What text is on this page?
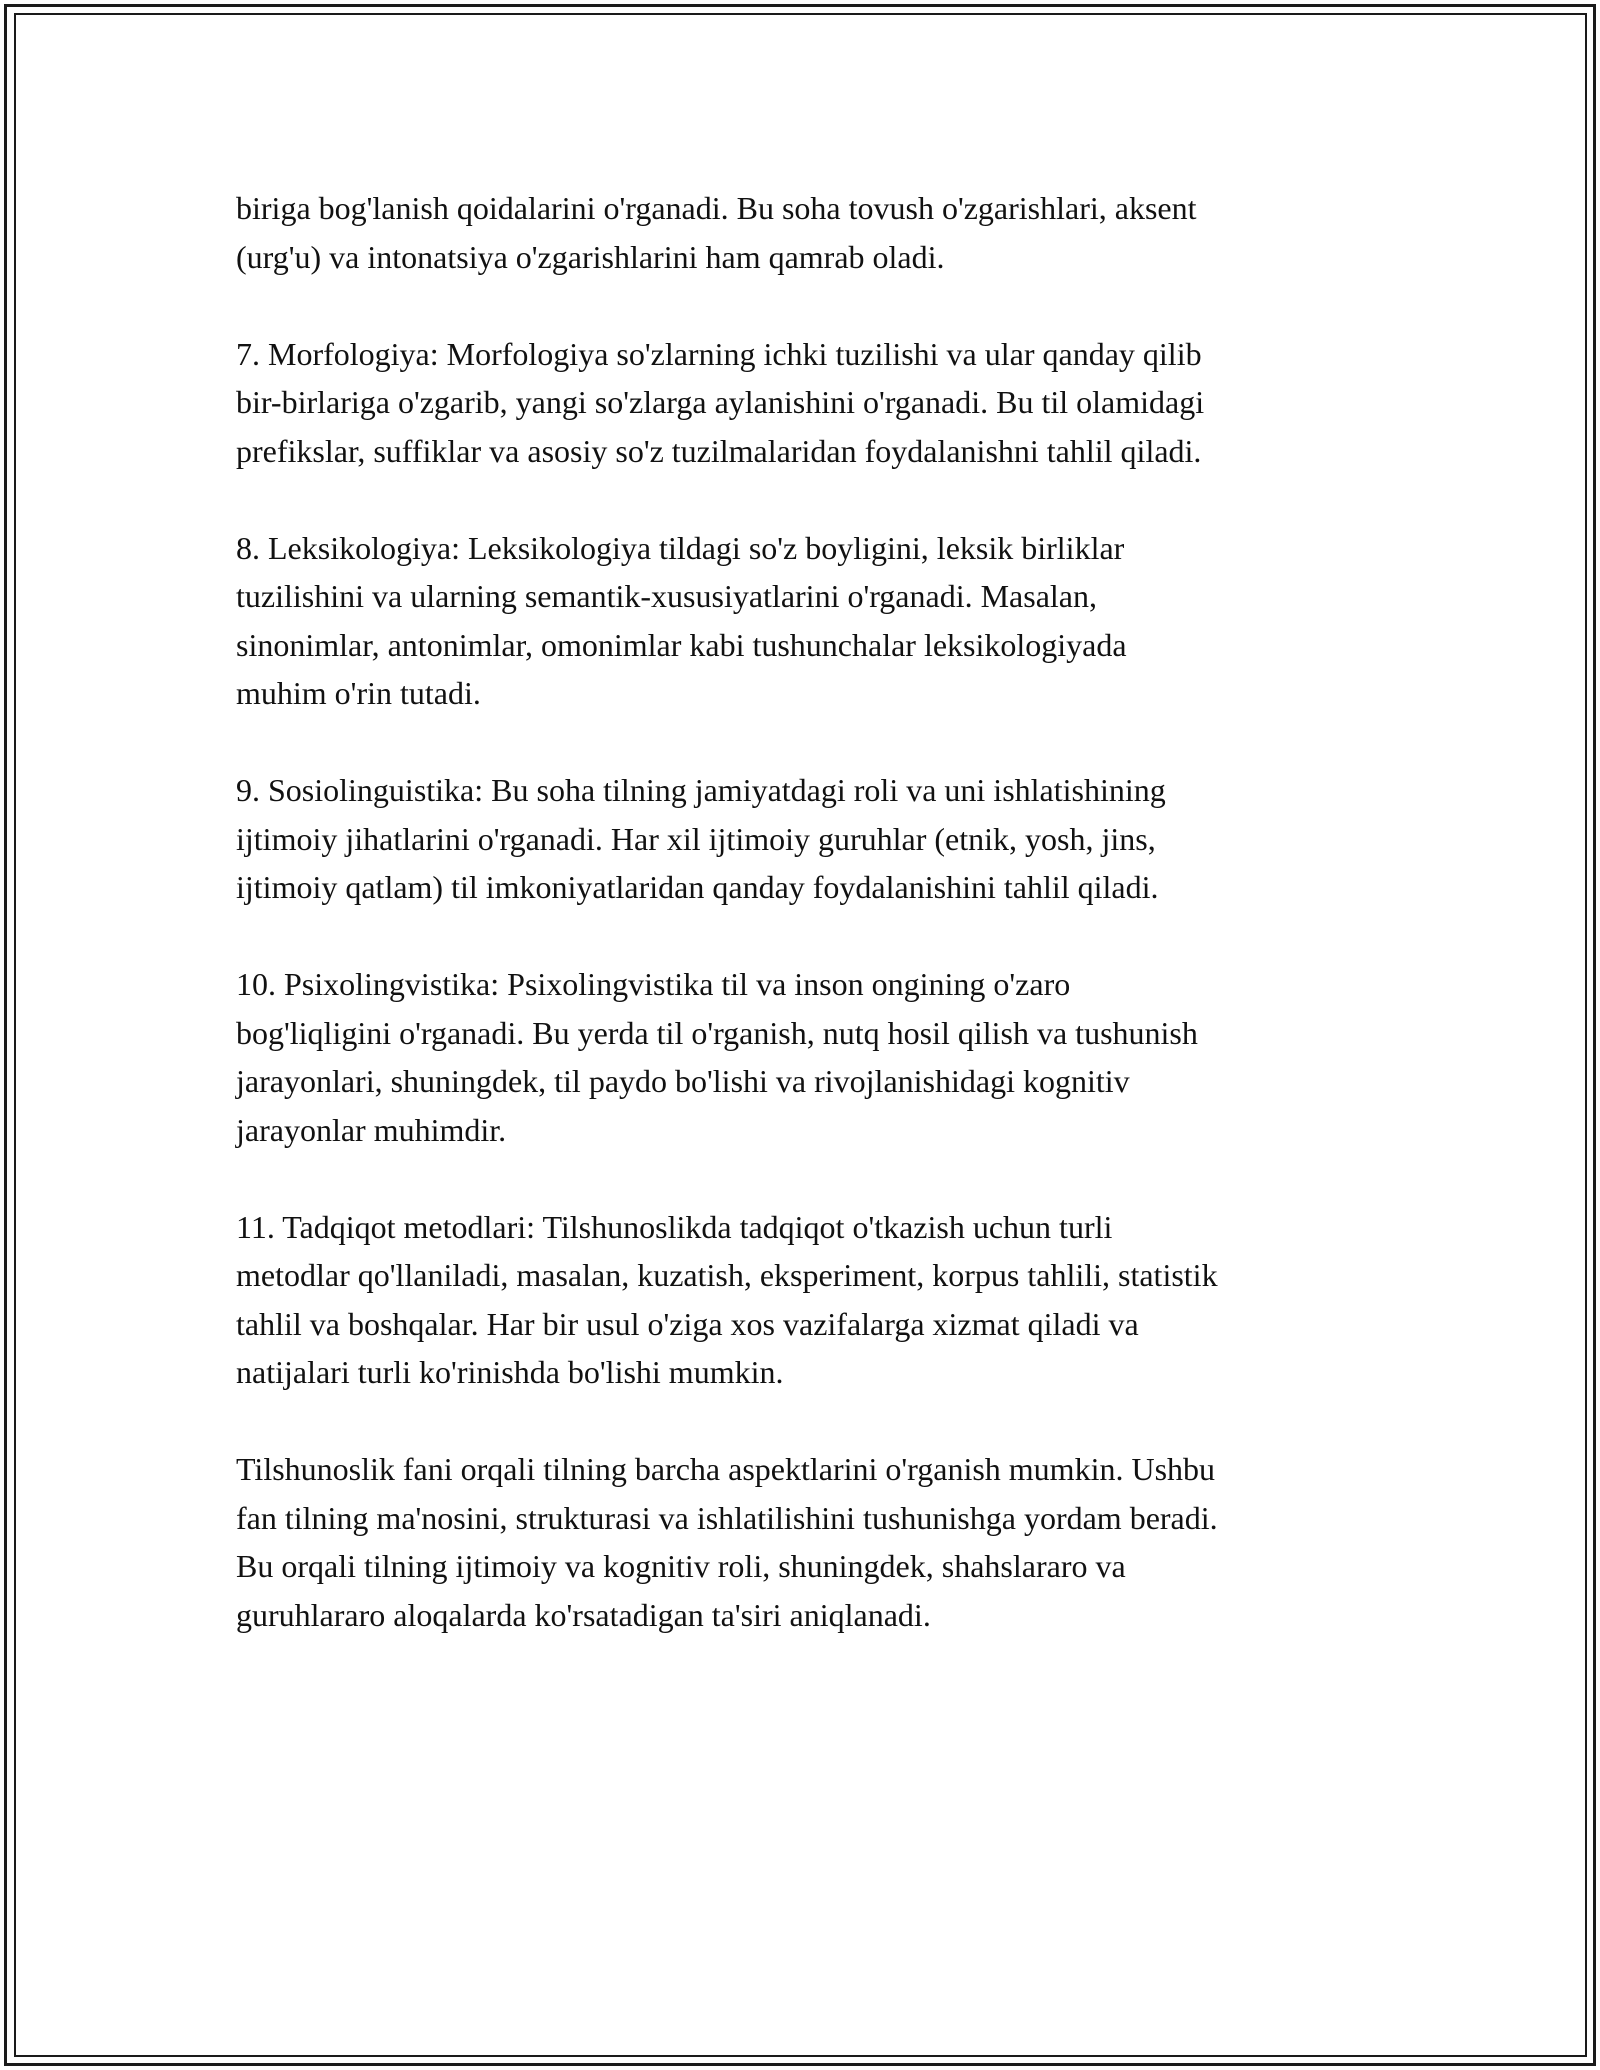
biriga bog'lanish qoidalarini o'rganadi. Bu soha tovush o'zgarishlari, aksent
(urg'u) va intonatsiya o'zgarishlarini ham qamrab oladi.

7. Morfologiya: Morfologiya so'zlarning ichki tuzilishi va ular qanday qilib
bir-birlariga o'zgarib, yangi so'zlarga aylanishini o'rganadi. Bu til olamidagi
prefikslar, suffiklar va asosiy so'z tuzilmalaridan foydalanishni tahlil qiladi.

8. Leksikologiya: Leksikologiya tildagi so'z boyligini, leksik birliklar
tuzilishini va ularning semantik-xususiyatlarini o'rganadi. Masalan,
sinonimlar, antonimlar, omonimlar kabi tushunchalar leksikologiyada
muhim o'rin tutadi.

9. Sosiolinguistika: Bu soha tilning jamiyatdagi roli va uni ishlatishining
ijtimoiy jihatlarini o'rganadi. Har xil ijtimoiy guruhlar (etnik, yosh, jins,
ijtimoiy qatlam) til imkoniyatlaridan qanday foydalanishini tahlil qiladi.

10. Psixolingvistika: Psixolingvistika til va inson ongining o'zaro
bog'liqligini o'rganadi. Bu yerda til o'rganish, nutq hosil qilish va tushunish
jarayonlari, shuningdek, til paydo bo'lishi va rivojlanishidagi kognitiv
jarayonlar muhimdir.

11. Tadqiqot metodlari: Tilshunoslikda tadqiqot o'tkazish uchun turli
metodlar qo'llaniladi, masalan, kuzatish, eksperiment, korpus tahlili, statistik
tahlil va boshqalar. Har bir usul o'ziga xos vazifalarga xizmat qiladi va
natijalari turli ko'rinishda bo'lishi mumkin.

Tilshunoslik fani orqali tilning barcha aspektlarini o'rganish mumkin. Ushbu
fan tilning ma'nosini, strukturasi va ishlatilishini tushunishga yordam beradi.
Bu orqali tilning ijtimoiy va kognitiv roli, shuningdek, shahslararo va
guruhlararo aloqalarda ko'rsatadigan ta'siri aniqlanadi.
